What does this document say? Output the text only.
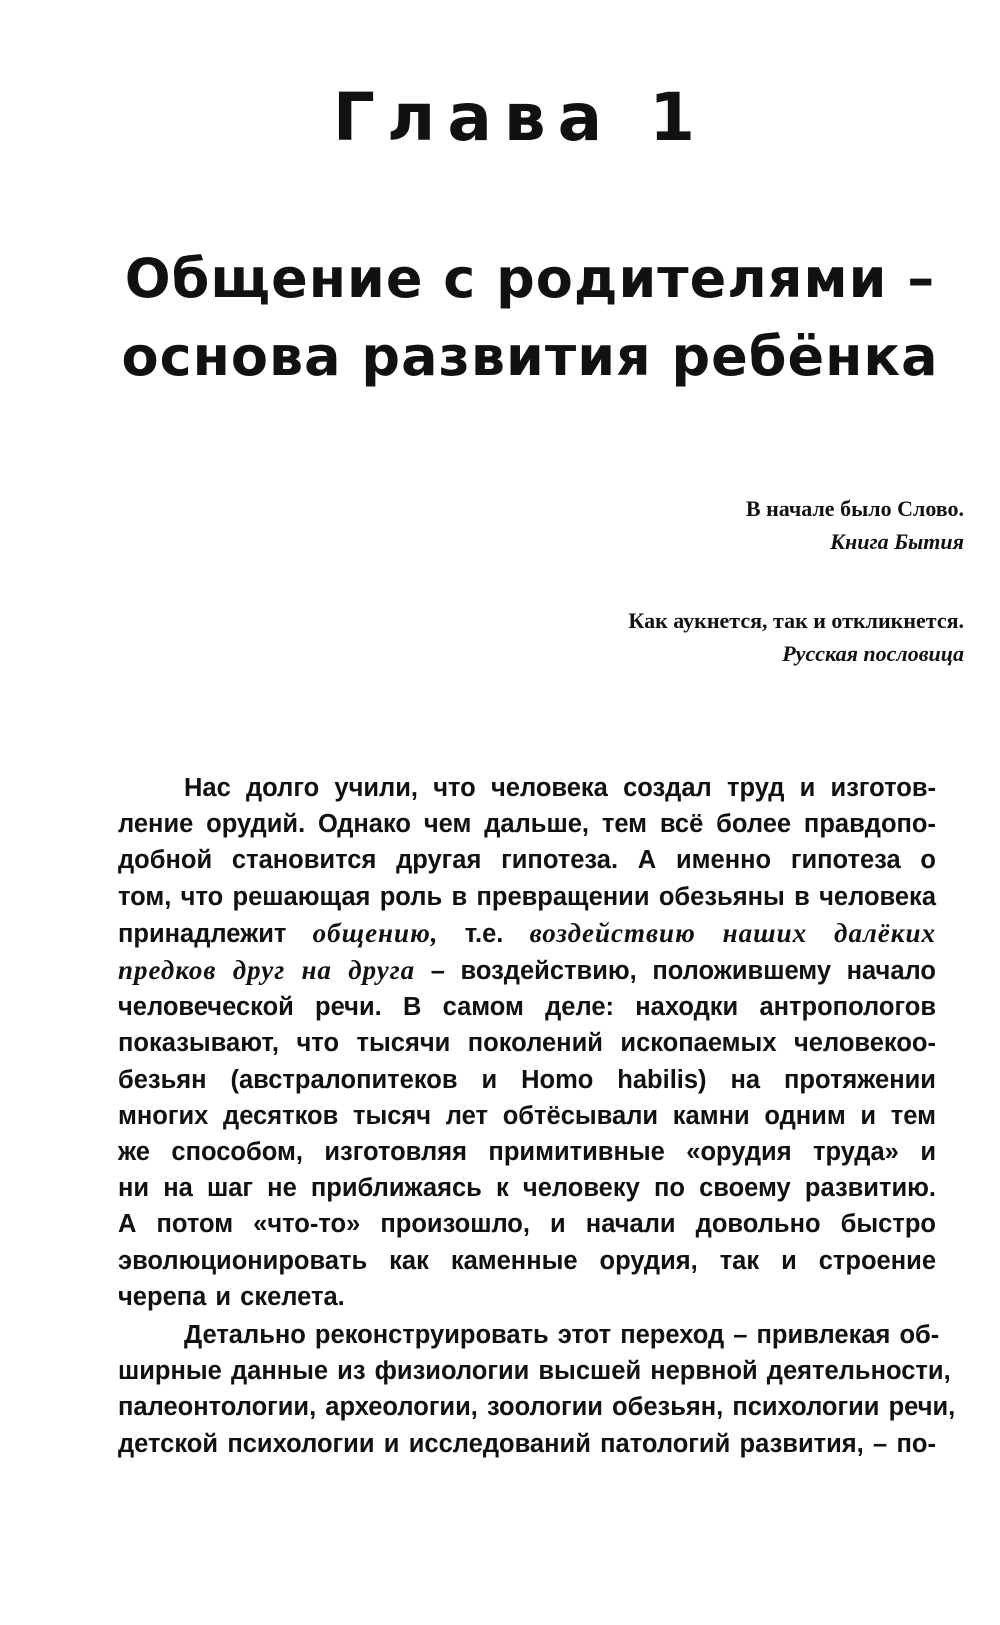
Глава 1
Общение с родителями –
основа развития ребёнка
В начале было Слово.
Книга Бытия
Как аукнется, так и откликнется.
Русская пословица
Нас долго учили, что человека создал труд и изготов-
ление орудий. Однако чем дальше, тем всё более правдопо-
добной становится другая гипотеза. А именно гипотеза о
том, что решающая роль в превращении обезьяны в человека
принадлежит общению, т.е. воздействию наших далёких
предков друг на друга – воздействию, положившему начало
человеческой речи. В самом деле: находки антропологов
показывают, что тысячи поколений ископаемых человекоо-
безьян (австралопитеков и Homo habilis) на протяжении
многих десятков тысяч лет обтёсывали камни одним и тем
же способом, изготовляя примитивные «орудия труда» и
ни на шаг не приближаясь к человеку по своему развитию.
А потом «что-то» произошло, и начали довольно быстро
эволюционировать как каменные орудия, так и строение
черепа и скелета.
Детально реконструировать этот переход – привлекая об-
ширные данные из физиологии высшей нервной деятельности,
палеонтологии, археологии, зоологии обезьян, психологии речи,
детской психологии и исследований патологий развития, – по-
